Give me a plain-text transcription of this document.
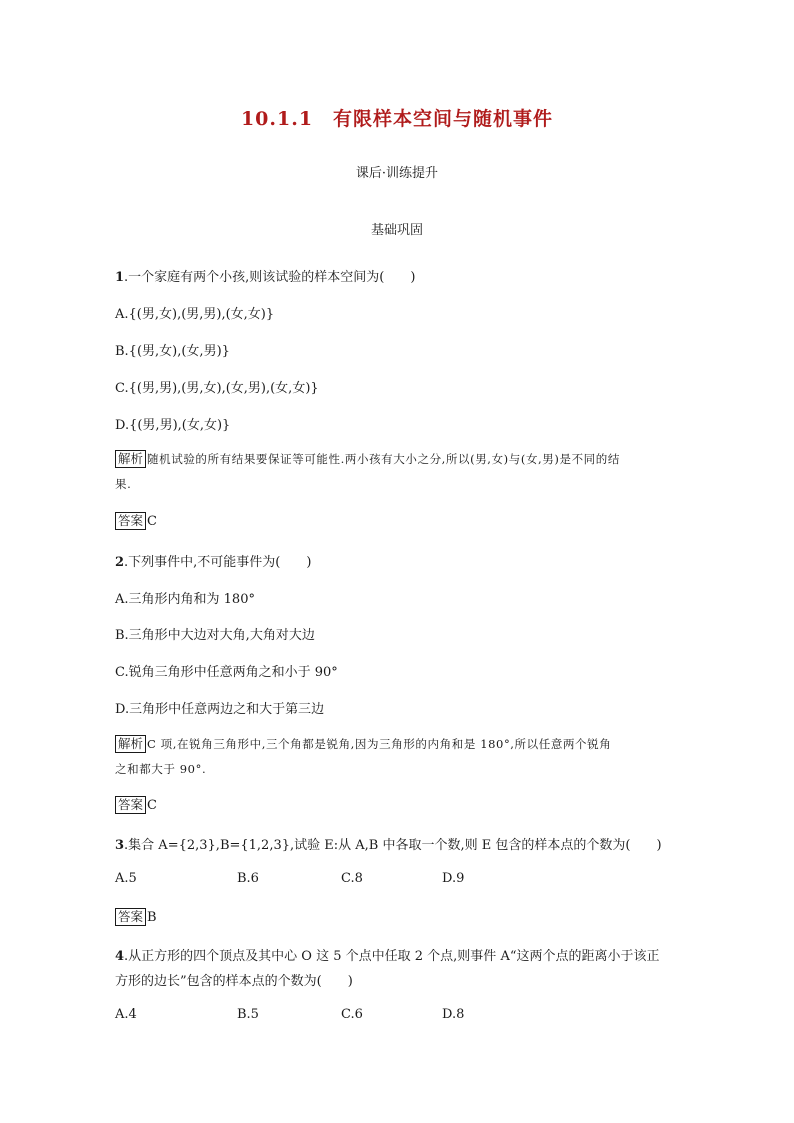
10.1.1　有限样本空间与随机事件
课后·训练提升
基础巩固
1.一个家庭有两个小孩,则该试验的样本空间为(　　)
A.{(男,女),(男,男),(女,女)}
B.{(男,女),(女,男)}
C.{(男,男),(男,女),(女,男),(女,女)}
D.{(男,男),(女,女)}
解析 随机试验的所有结果要保证等可能性.两小孩有大小之分,所以(男,女)与(女,男)是不同的结
果.
答案 C
2.下列事件中,不可能事件为(　　)
A.三角形内角和为 180°
B.三角形中大边对大角,大角对大边
C.锐角三角形中任意两角之和小于 90°
D.三角形中任意两边之和大于第三边
解析 C 项,在锐角三角形中,三个角都是锐角,因为三角形的内角和是 180°,所以任意两个锐角
之和都大于 90°.
答案 C
3.集合 A={2,3},B={1,2,3},试验 E:从 A,B 中各取一个数,则 E 包含的样本点的个数为(　　)
A.5	B.6	C.8	D.9
答案 B
4.从正方形的四个顶点及其中心 O 这 5 个点中任取 2 个点,则事件 A“这两个点的距离小于该正
方形的边长”包含的样本点的个数为(　　)
A.4	B.5	C.6	D.8
